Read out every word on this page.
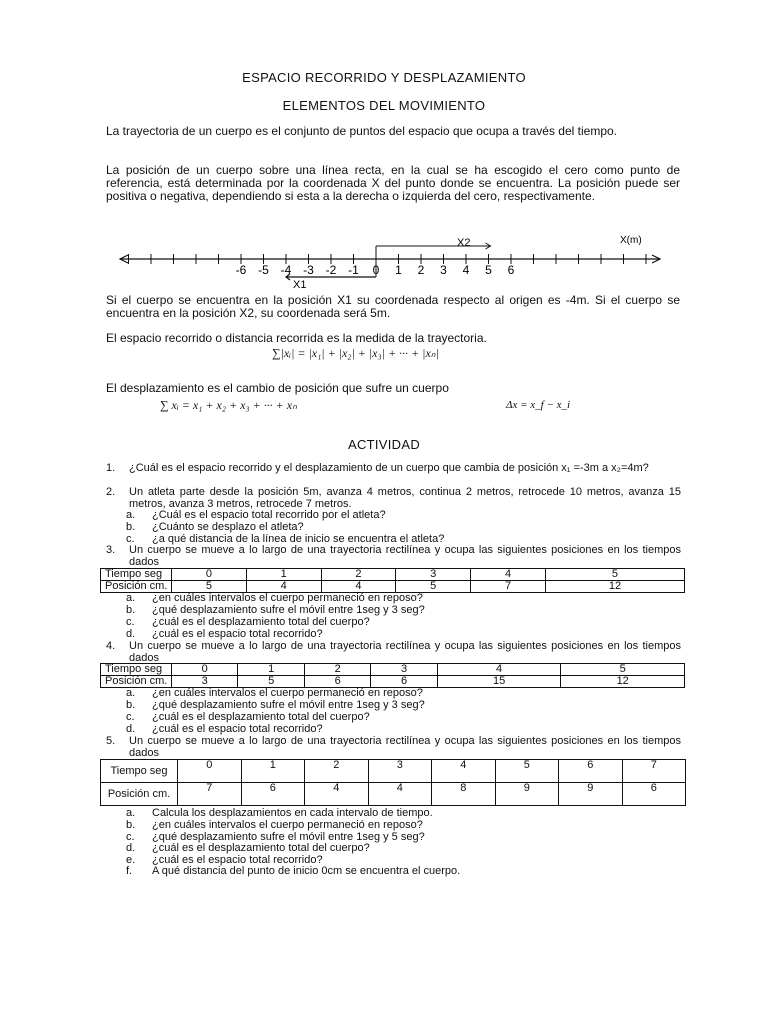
ESPACIO RECORRIDO Y DESPLAZAMIENTO
ELEMENTOS DEL MOVIMIENTO
La trayectoria de un cuerpo es el conjunto de puntos del espacio que ocupa a través del tiempo.
La posición de un cuerpo sobre una línea recta, en la cual se ha escogido el cero como punto de referencia, está determinada por la coordenada X del punto donde se encuentra. La posición puede ser positiva o negativa, dependiendo si esta a la derecha o izquierda del cero, respectivamente.
X(m)
X2
X1
-6 -5 -4 -3 -2 -1 0 1 2 3 4 5 6
Si el cuerpo se encuentra en la posición X1 su coordenada respecto al origen es -4m. Si el cuerpo se encuentra en la posición X2, su coordenada será 5m.
El espacio recorrido o distancia recorrida es la medida de la trayectoria.
∑|xᵢ| = |x₁| + |x₂| + |x₃| + ··· + |xₙ|
El desplazamiento es el cambio de posición que sufre un cuerpo
∑ xᵢ = x₁ + x₂ + x₃ + ··· + xₙ	Δx = x_f − x_i
ACTIVIDAD
1. ¿Cuál es el espacio recorrido y el desplazamiento de un cuerpo que cambia de posición x₁ =-3m a x₂=4m?
2. Un atleta parte desde la posición 5m, avanza 4 metros, continua 2 metros, retrocede 10 metros, avanza 15 metros, avanza 3 metros, retrocede 7 metros.
a. ¿Cuál es el espacio total recorrido por el atleta?
b. ¿Cuánto se desplazo el atleta?
c. ¿a qué distancia de la línea de inicio se encuentra el atleta?
3. Un cuerpo se mueve a lo largo de una trayectoria rectilínea y ocupa las siguientes posiciones en los tiempos dados
Tiempo seg	0	1	2	3	4	5
Posición cm.	5	4	4	5	7	12
a. ¿en cuáles intervalos el cuerpo permaneció en reposo?
b. ¿qué desplazamiento sufre el móvil entre 1seg y 3 seg?
c. ¿cuál es el desplazamiento total del cuerpo?
d. ¿cuál es el espacio total recorrido?
4. Un cuerpo se mueve a lo largo de una trayectoria rectilínea y ocupa las siguientes posiciones en los tiempos dados
Tiempo seg	0	1	2	3	4	5
Posición cm.	3	5	6	6	15	12
a. ¿en cuáles intervalos el cuerpo permaneció en reposo?
b. ¿qué desplazamiento sufre el móvil entre 1seg y 3 seg?
c. ¿cuál es el desplazamiento total del cuerpo?
d. ¿cuál es el espacio total recorrido?
5. Un cuerpo se mueve a lo largo de una trayectoria rectilínea y ocupa las siguientes posiciones en los tiempos dados
Tiempo seg	0	1	2	3	4	5	6	7
Posición cm.	7	6	4	4	8	9	9	6
a. Calcula los desplazamientos en cada intervalo de tiempo.
b. ¿en cuáles intervalos el cuerpo permaneció en reposo?
c. ¿qué desplazamiento sufre el móvil entre 1seg y 5 seg?
d. ¿cuál es el desplazamiento total del cuerpo?
e. ¿cuál es el espacio total recorrido?
f. A qué distancia del punto de inicio 0cm se encuentra el cuerpo.
